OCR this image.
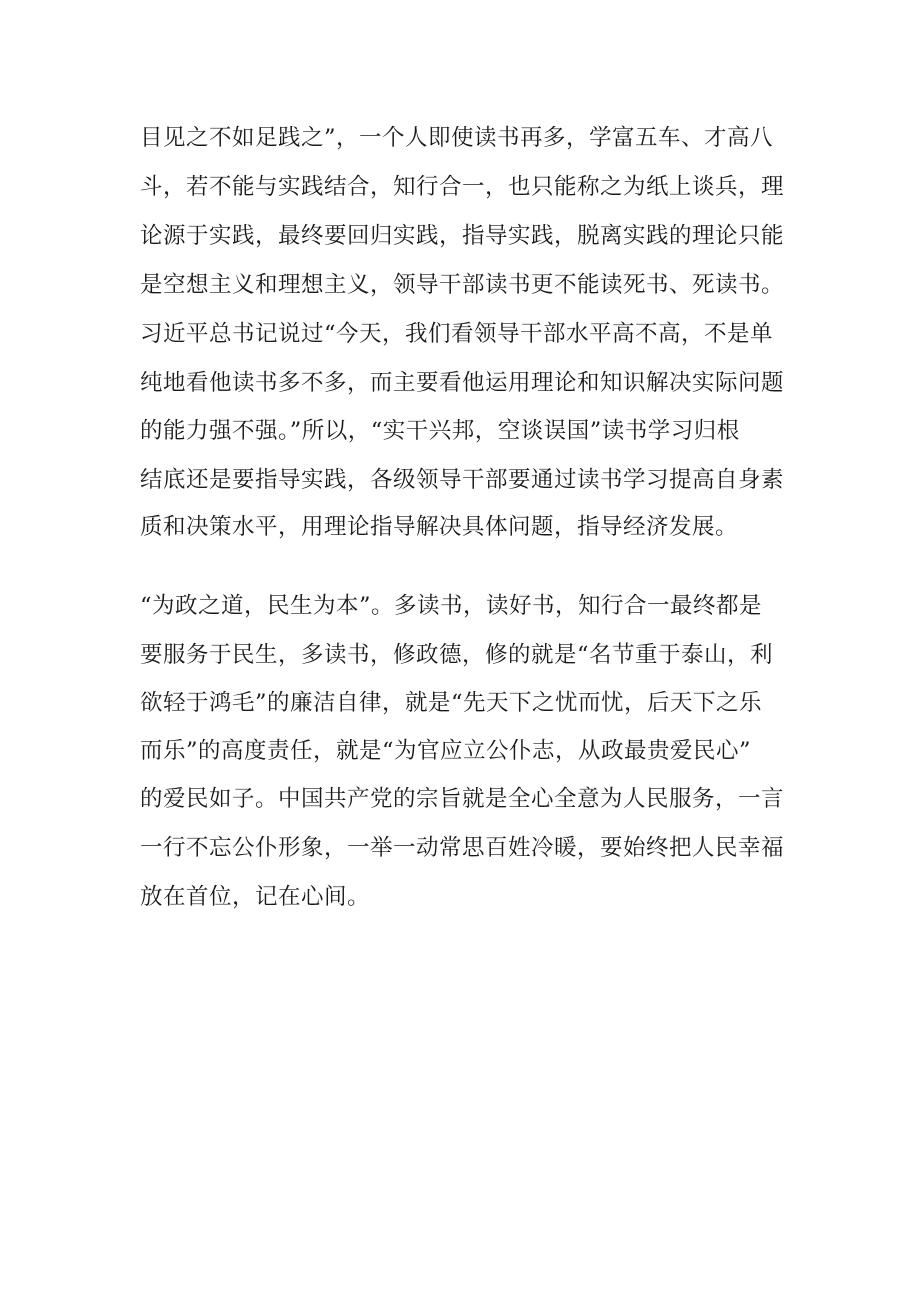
目见之不如足践之”，一个人即使读书再多，学富五车、才高八
斗，若不能与实践结合，知行合一，也只能称之为纸上谈兵，理
论源于实践，最终要回归实践，指导实践，脱离实践的理论只能
是空想主义和理想主义，领导干部读书更不能读死书、死读书。
习近平总书记说过“今天，我们看领导干部水平高不高，不是单
纯地看他读书多不多，而主要看他运用理论和知识解决实际问题
的能力强不强。”所以，“实干兴邦，空谈误国”读书学习归根
结底还是要指导实践，各级领导干部要通过读书学习提高自身素
质和决策水平，用理论指导解决具体问题，指导经济发展。
“为政之道，民生为本”。多读书，读好书，知行合一最终都是
要服务于民生，多读书，修政德，修的就是“名节重于泰山，利
欲轻于鸿毛”的廉洁自律，就是“先天下之忧而忧，后天下之乐
而乐”的高度责任，就是“为官应立公仆志，从政最贵爱民心”
的爱民如子。中国共产党的宗旨就是全心全意为人民服务，一言
一行不忘公仆形象，一举一动常思百姓冷暖，要始终把人民幸福
放在首位，记在心间。
